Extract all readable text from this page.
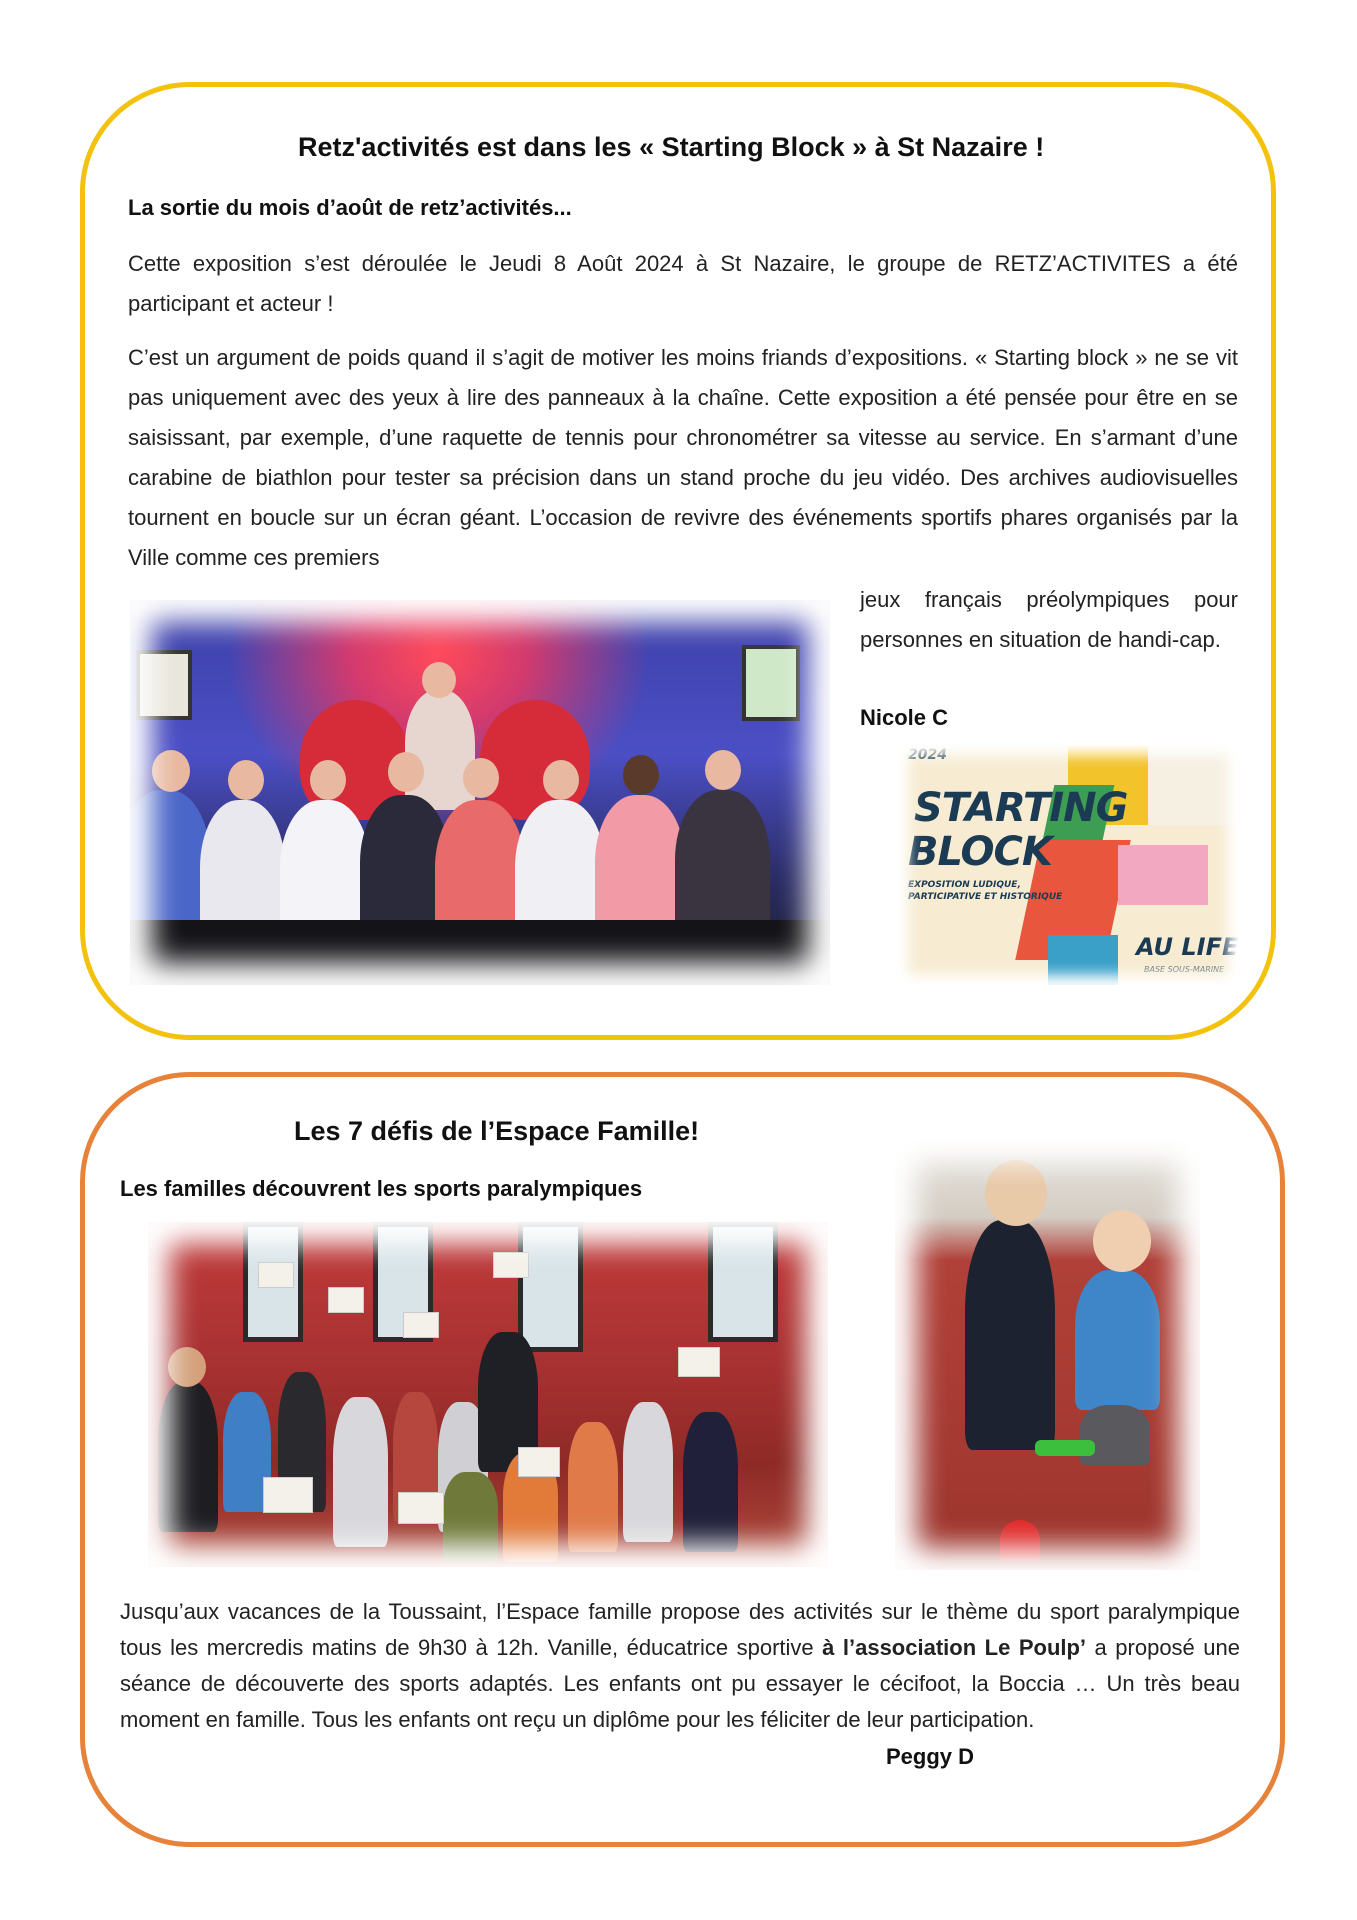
Retz'activités est dans les « Starting Block » à St Nazaire !
La sortie du mois d’août de retz’activités...
Cette exposition s’est déroulée le Jeudi 8 Août 2024 à St Nazaire, le groupe de RETZ’ACTIVITES a été participant et acteur !
C’est un argument de poids quand il s’agit de motiver les moins friands d’expositions. « Starting block » ne se vit pas uniquement avec des yeux à lire des panneaux à la chaîne. Cette exposition a été pensée pour être en se saisissant, par exemple, d’une raquette de tennis pour chronométrer sa vitesse au service. En s’armant d’une carabine de biathlon pour tester sa précision dans un stand proche du jeu vidéo. Des archives audiovisuelles tournent en boucle sur un écran géant. L’occasion de revivre des événements sportifs phares organisés par la Ville comme ces premiers
jeux français préolympiques pour personnes en situation de handi-cap.
Nicole C
2024
STARTING
BLOCK
EXPOSITION LUDIQUE,
PARTICIPATIVE ET HISTORIQUE
AU LIFE
BASE SOUS-MARINE
Les 7 défis de l’Espace Famille!
Les familles découvrent les sports paralympiques
Jusqu’aux vacances de la Toussaint, l’Espace famille propose des activités sur le thème du sport paralympique tous les mercredis matins de 9h30 à 12h. Vanille, éducatrice sportive à l’association Le Poulp’ a proposé une séance de découverte des sports adaptés. Les enfants ont pu essayer le cécifoot, la Boccia … Un très beau moment en famille. Tous les enfants ont reçu un diplôme pour les féliciter de leur participation.
Peggy D
